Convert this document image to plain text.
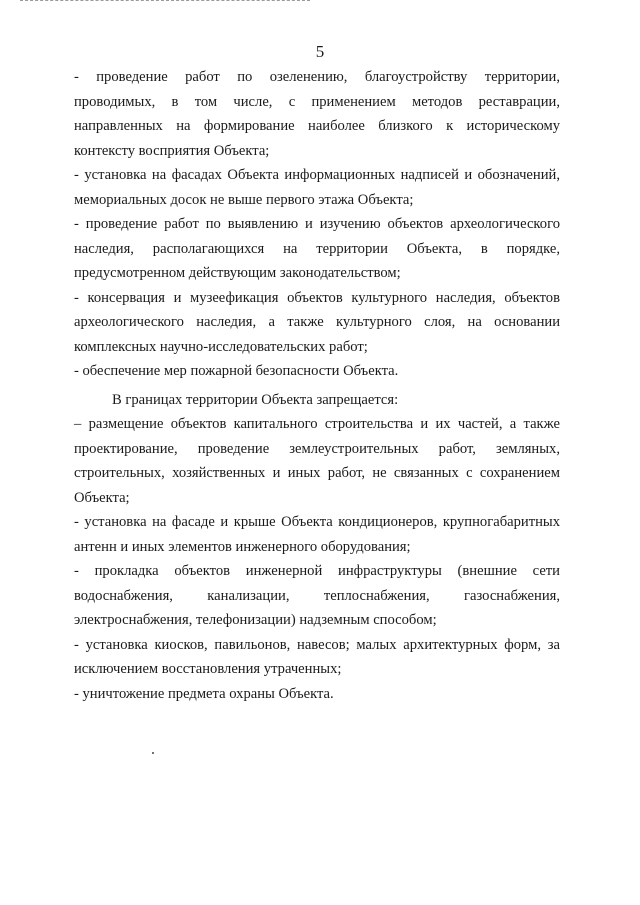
5

- проведение работ по озеленению, благоустройству территории, проводимых, в том числе, с применением методов реставрации, направленных на формирование наиболее близкого к историческому контексту восприятия Объекта;

- установка на фасадах Объекта информационных надписей и обозначений, мемориальных досок не выше первого этажа Объекта;

- проведение работ по выявлению и изучению объектов археологического наследия, располагающихся на территории Объекта, в порядке, предусмотренном действующим законодательством;

- консервация и музеефикация объектов культурного наследия, объектов археологического наследия, а также культурного слоя, на основании комплексных научно-исследовательских работ;

- обеспечение мер пожарной безопасности Объекта.

В границах территории Объекта запрещается:

– размещение объектов капитального строительства и их частей, а также проектирование, проведение землеустроительных работ, земляных, строительных, хозяйственных и иных работ, не связанных с сохранением Объекта;

- установка на фасаде и крыше Объекта кондиционеров, крупногабаритных антенн и иных элементов инженерного оборудования;

- прокладка объектов инженерной инфраструктуры (внешние сети водоснабжения, канализации, теплоснабжения, газоснабжения, электроснабжения, телефонизации) надземным способом;

- установка киосков, павильонов, навесов; малых архитектурных форм, за исключением восстановления утраченных;

- уничтожение предмета охраны Объекта.
